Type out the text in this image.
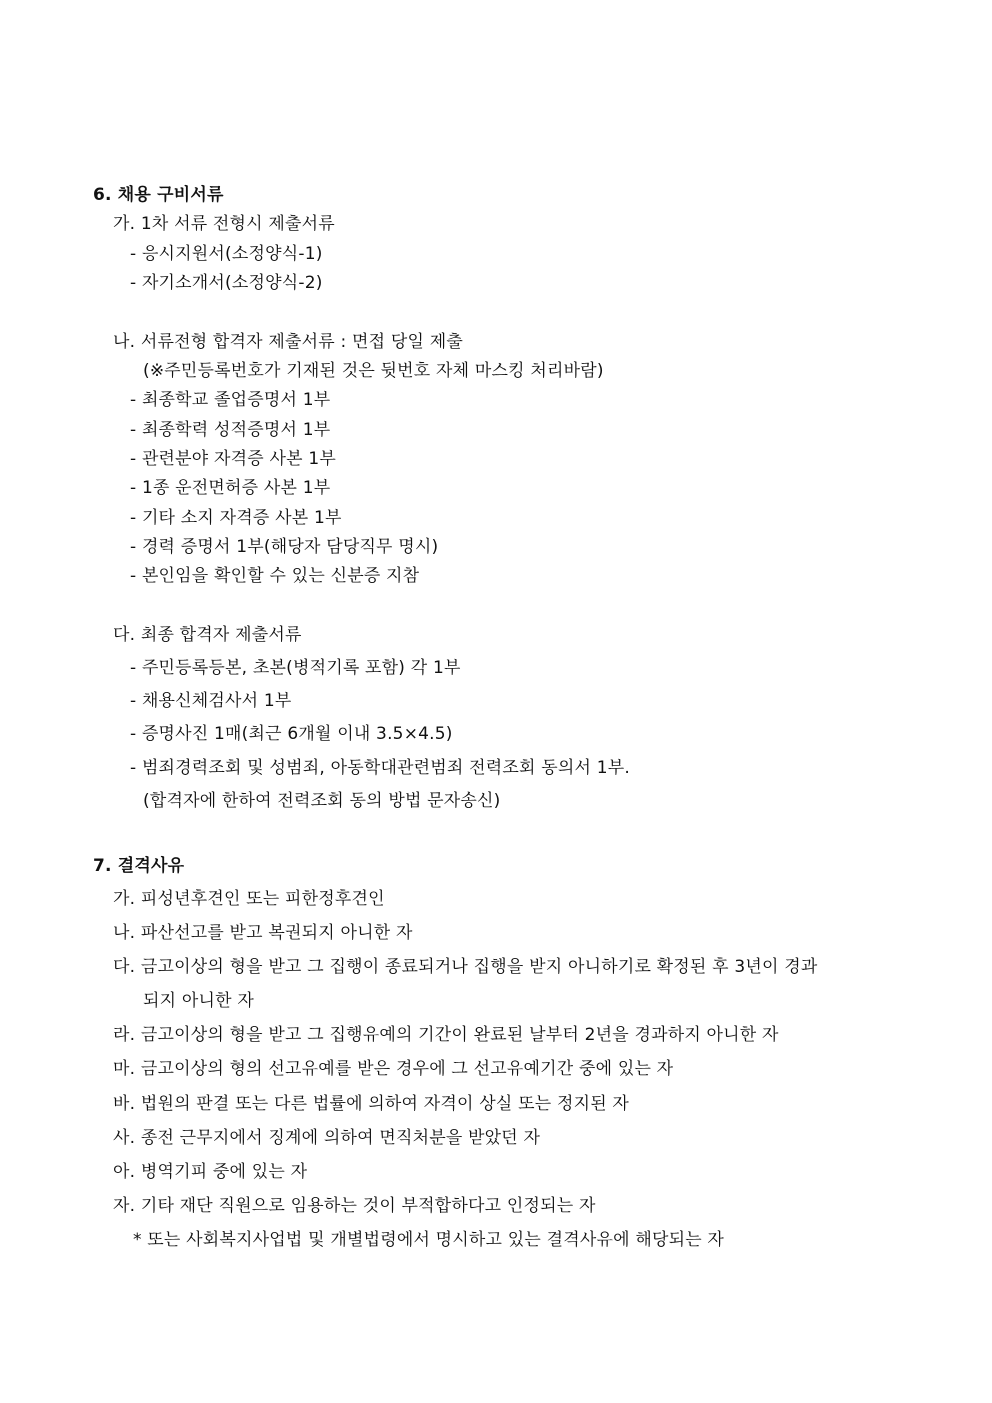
6. 채용 구비서류
가. 1차 서류 전형시 제출서류
- 응시지원서(소정양식-1)
- 자기소개서(소정양식-2)
나. 서류전형 합격자 제출서류 : 면접 당일 제출
(※주민등록번호가 기재된 것은 뒷번호 자체 마스킹 처리바람)
- 최종학교 졸업증명서 1부
- 최종학력 성적증명서 1부
- 관련분야 자격증 사본 1부
- 1종 운전면허증 사본 1부
- 기타 소지 자격증 사본 1부
- 경력 증명서 1부(해당자 담당직무 명시)
- 본인임을 확인할 수 있는 신분증 지참
다. 최종 합격자 제출서류
- 주민등록등본, 초본(병적기록 포함) 각 1부
- 채용신체검사서 1부
- 증명사진 1매(최근 6개월 이내 3.5×4.5)
- 범죄경력조회 및 성범죄, 아동학대관련범죄 전력조회 동의서 1부.
(합격자에 한하여 전력조회 동의 방법 문자송신)
7. 결격사유
가. 피성년후견인 또는 피한정후견인
나. 파산선고를 받고 복권되지 아니한 자
다. 금고이상의 형을 받고 그 집행이 종료되거나 집행을 받지 아니하기로 확정된 후 3년이 경과
되지 아니한 자
라. 금고이상의 형을 받고 그 집행유예의 기간이 완료된 날부터 2년을 경과하지 아니한 자
마. 금고이상의 형의 선고유예를 받은 경우에 그 선고유예기간 중에 있는 자
바. 법원의 판결 또는 다른 법률에 의하여 자격이 상실 또는 정지된 자
사. 종전 근무지에서 징계에 의하여 면직처분을 받았던 자
아. 병역기피 중에 있는 자
자. 기타 재단 직원으로 임용하는 것이 부적합하다고 인정되는 자
* 또는 사회복지사업법 및 개별법령에서 명시하고 있는 결격사유에 해당되는 자
